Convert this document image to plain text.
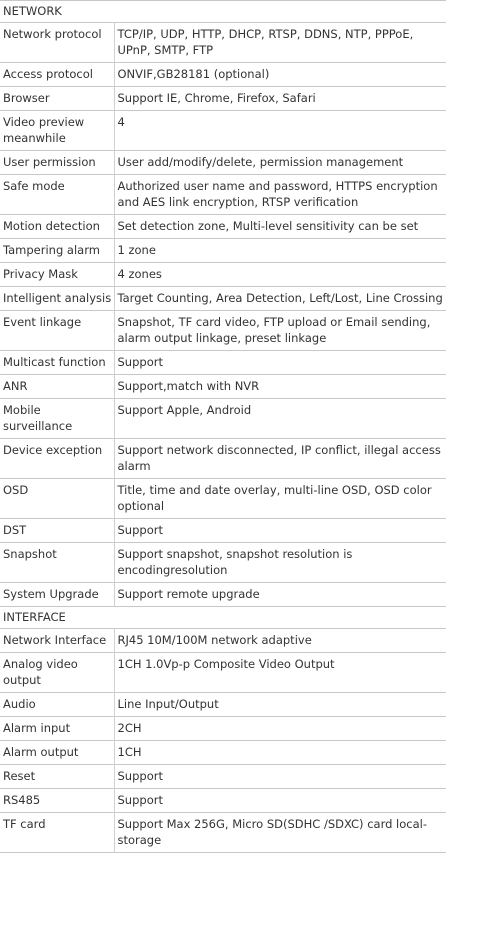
NETWORK	
Network protocol	TCP/IP, UDP, HTTP, DHCP, RTSP, DDNS, NTP, PPPoE, UPnP, SMTP, FTP
Access protocol	ONVIF,GB28181 (optional)
Browser	Support IE, Chrome, Firefox, Safari
Video preview meanwhile	4
User permission	User add/modify/delete, permission management
Safe mode	Authorized user name and password, HTTPS encryption and AES link encryption, RTSP verification
Motion detection	Set detection zone, Multi-level sensitivity can be set
Tampering alarm	1 zone
Privacy Mask	4 zones
Intelligent analysis	Target Counting, Area Detection, Left/Lost, Line Crossing
Event linkage	Snapshot, TF card video, FTP upload or Email sending, alarm output linkage, preset linkage
Multicast function	Support
ANR	Support,match with NVR
Mobile surveillance	Support Apple, Android
Device exception	Support network disconnected, IP conflict, illegal access alarm
OSD	Title, time and date overlay, multi-line OSD, OSD color optional
DST	Support
Snapshot	Support snapshot, snapshot resolution is encodingresolution
System Upgrade	Support remote upgrade
INTERFACE	
Network Interface	RJ45 10M/100M network adaptive
Analog video output	1CH 1.0Vp-p Composite Video Output
Audio	Line Input/Output
Alarm input	2CH
Alarm output	1CH
Reset	Support
RS485	Support
TF card	Support Max 256G, Micro SD(SDHC /SDXC) card local-storage
